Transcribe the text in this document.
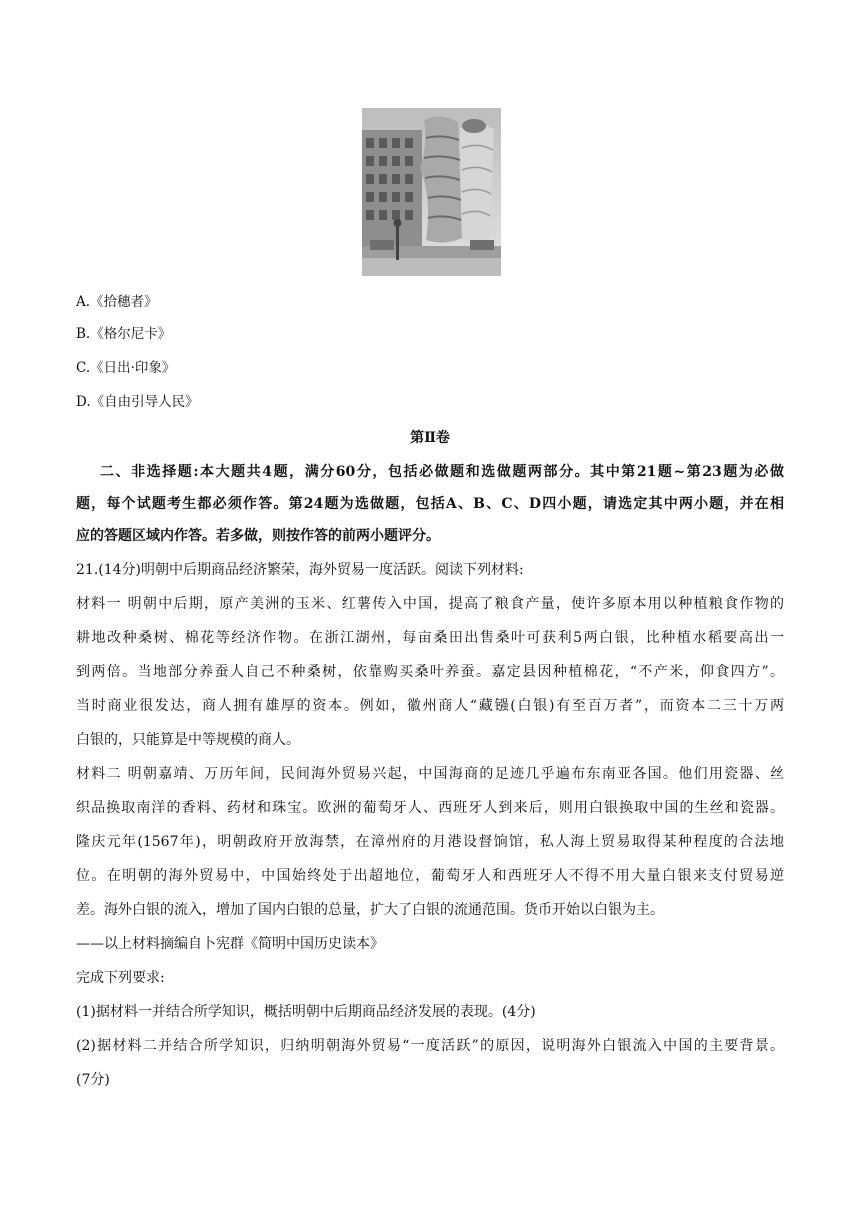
A.《拾穗者》
B.《格尔尼卡》
C.《日出·印象》
D.《自由引导人民》
第Ⅱ卷
二、非选择题:本大题共4题，满分60分，包括必做题和选做题两部分。其中第21题~第23题为必做
题，每个试题考生都必须作答。第24题为选做题，包括A、B、C、D四小题，请选定其中两小题，并在相
应的答题区域内作答。若多做，则按作答的前两小题评分。
21.(14分)明朝中后期商品经济繁荣，海外贸易一度活跃。阅读下列材料:
材料一 明朝中后期，原产美洲的玉米、红薯传入中国，提高了粮食产量，使许多原本用以种植粮食作物的
耕地改种桑树、棉花等经济作物。在浙江湖州，每亩桑田出售桑叶可获利5两白银，比种植水稻要高出一
到两倍。当地部分养蚕人自己不种桑树，依靠购买桑叶养蚕。嘉定县因种植棉花，“不产米，仰食四方”。
当时商业很发达，商人拥有雄厚的资本。例如，徽州商人“藏镪(白银)有至百万者”，而资本二三十万两
白银的，只能算是中等规模的商人。
材料二 明朝嘉靖、万历年间，民间海外贸易兴起，中国海商的足迹几乎遍布东南亚各国。他们用瓷器、丝
织品换取南洋的香料、药材和珠宝。欧洲的葡萄牙人、西班牙人到来后，则用白银换取中国的生丝和瓷器。
隆庆元年(1567年)，明朝政府开放海禁，在漳州府的月港设督饷馆，私人海上贸易取得某种程度的合法地
位。在明朝的海外贸易中，中国始终处于出超地位，葡萄牙人和西班牙人不得不用大量白银来支付贸易逆
差。海外白银的流入，增加了国内白银的总量，扩大了白银的流通范围。货币开始以白银为主。
——以上材料摘编自卜宪群《简明中国历史读本》
完成下列要求:
(1)据材料一并结合所学知识，概括明朝中后期商品经济发展的表现。(4分)
(2)据材料二并结合所学知识，归纳明朝海外贸易“一度活跃”的原因，说明海外白银流入中国的主要背景。
(7分)
